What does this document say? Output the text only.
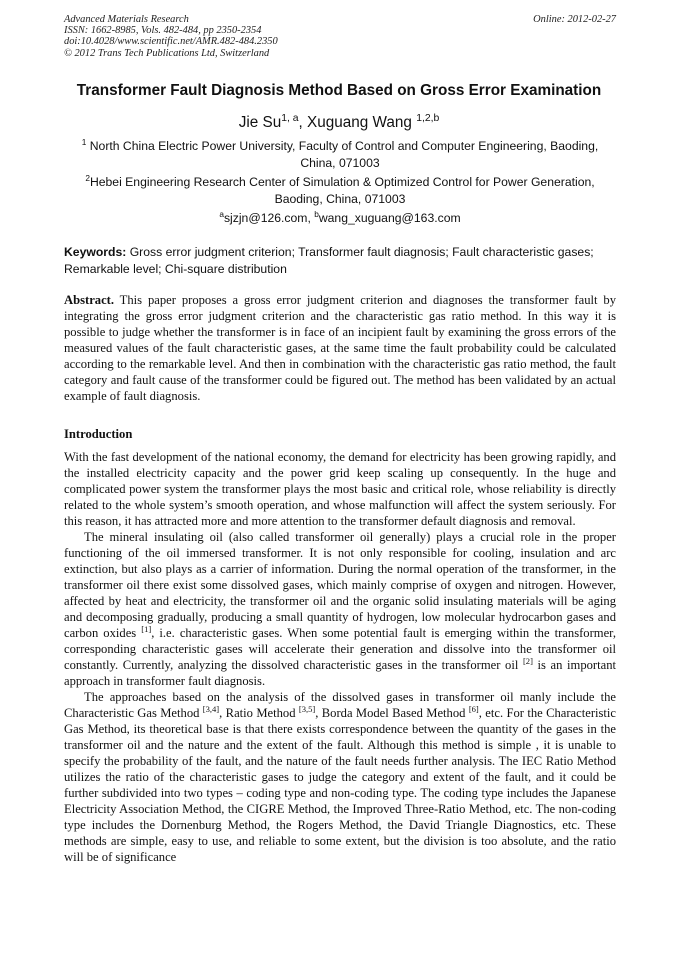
Advanced Materials Research
ISSN: 1662-8985, Vols. 482-484, pp 2350-2354
doi:10.4028/www.scientific.net/AMR.482-484.2350
© 2012 Trans Tech Publications Ltd, Switzerland
Online: 2012-02-27
Transformer Fault Diagnosis Method Based on Gross Error Examination
Jie Su$^{1, a}$, Xuguang Wang $^{1,2,b}$
$^1$ North China Electric Power University, Faculty of Control and Computer Engineering, Baoding, China, 071003
$^2$Hebei Engineering Research Center of Simulation & Optimized Control for Power Generation, Baoding, China, 071003
$^a$sjzjn@126.com, $^b$wang_xuguang@163.com
Keywords: Gross error judgment criterion; Transformer fault diagnosis; Fault characteristic gases; Remarkable level; Chi-square distribution
Abstract. This paper proposes a gross error judgment criterion and diagnoses the transformer fault by integrating the gross error judgment criterion and the characteristic gas ratio method. In this way it is possible to judge whether the transformer is in face of an incipient fault by examining the gross errors of the measured values of the fault characteristic gases, at the same time the fault probability could be calculated according to the remarkable level. And then in combination with the characteristic gas ratio method, the fault category and fault cause of the transformer could be figured out. The method has been validated by an actual example of fault diagnosis.
Introduction

With the fast development of the national economy, the demand for electricity has been growing rapidly, and the installed electricity capacity and the power grid keep scaling up consequently. In the huge and complicated power system the transformer plays the most basic and critical role, whose reliability is directly related to the whole system’s smooth operation, and whose malfunction will affect the system seriously. For this reason, it has attracted more and more attention to the transformer default diagnosis and removal.

The mineral insulating oil (also called transformer oil generally) plays a crucial role in the proper functioning of the oil immersed transformer. It is not only responsible for cooling, insulation and arc extinction, but also plays as a carrier of information. During the normal operation of the transformer, in the transformer oil there exist some dissolved gases, which mainly comprise of oxygen and nitrogen. However, affected by heat and electricity, the transformer oil and the organic solid insulating materials will be aging and decomposing gradually, producing a small quantity of hydrogen, low molecular hydrocarbon gases and carbon oxides [1], i.e. characteristic gases. When some potential fault is emerging within the transformer, corresponding characteristic gases will accelerate their generation and dissolve into the transformer oil constantly. Currently, analyzing the dissolved characteristic gases in the transformer oil [2] is an important approach in transformer fault diagnosis.

The approaches based on the analysis of the dissolved gases in transformer oil manly include the Characteristic Gas Method [3,4], Ratio Method [3,5], Borda Model Based Method [6], etc. For the Characteristic Gas Method, its theoretical base is that there exists correspondence between the quantity of the gases in the transformer oil and the nature and the extent of the fault. Although this method is simple , it is unable to specify the probability of the fault, and the nature of the fault needs further analysis. The IEC Ratio Method utilizes the ratio of the characteristic gases to judge the category and extent of the fault, and it could be further subdivided into two types – coding type and non-coding type. The coding type includes the Japanese Electricity Association Method, the CIGRE Method, the Improved Three-Ratio Method, etc. The non-coding type includes the Dornenburg Method, the Rogers Method, the David Triangle Diagnostics, etc. These methods are simple, easy to use, and reliable to some extent, but the division is too absolute, and the ratio will be of significance
